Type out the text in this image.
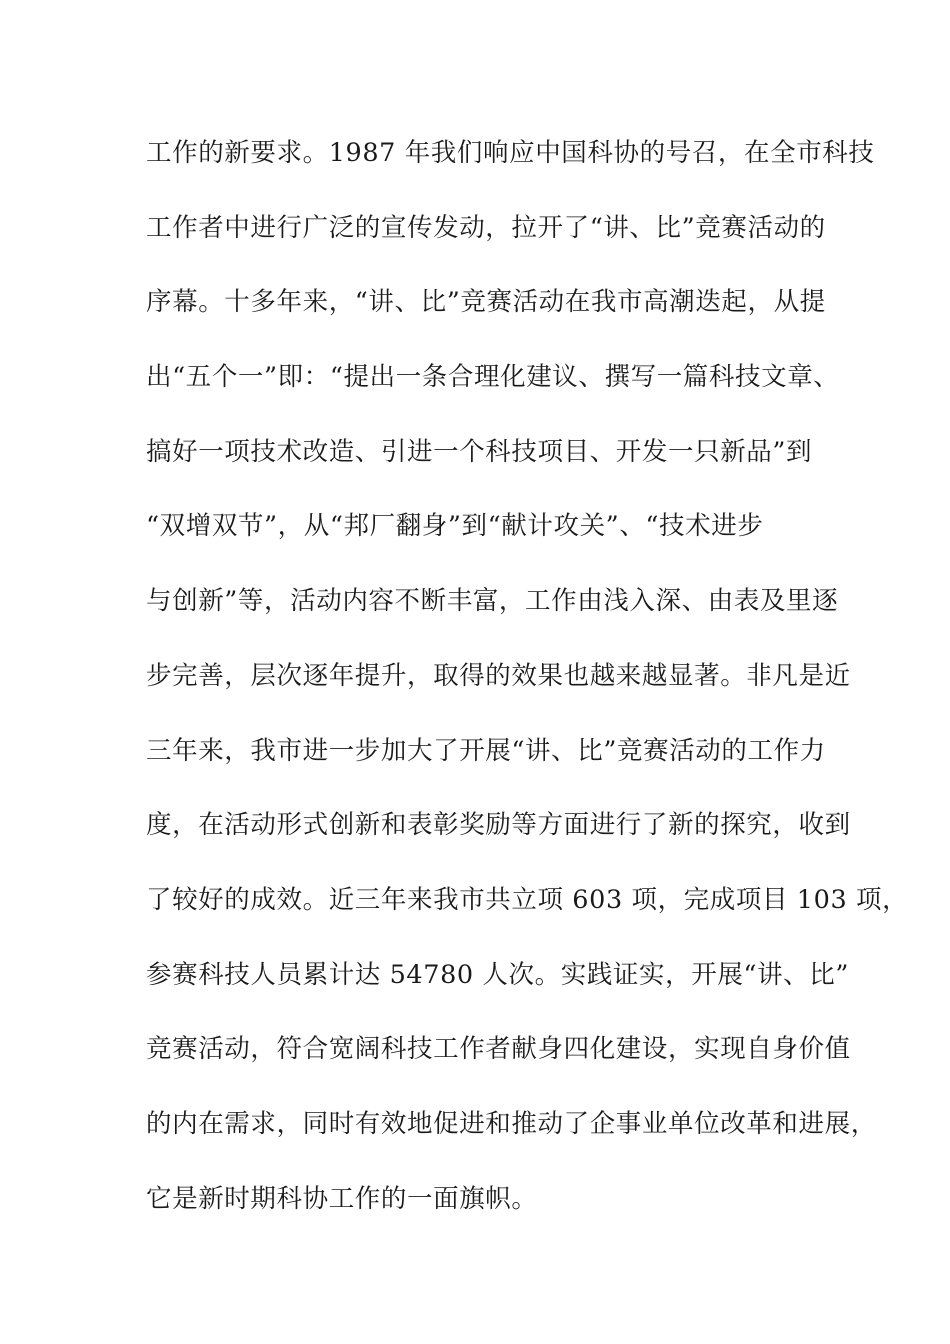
工作的新要求。1987 年我们响应中国科协的号召，在全市科技
工作者中进行广泛的宣传发动，拉开了“讲、比”竞赛活动的
序幕。十多年来，“讲、比”竞赛活动在我市高潮迭起，从提
出“五个一”即：“提出一条合理化建议、撰写一篇科技文章、
搞好一项技术改造、引进一个科技项目、开发一只新品”到
“双增双节”，从“邦厂翻身”到“献计攻关”、“技术进步
与创新”等，活动内容不断丰富，工作由浅入深、由表及里逐
步完善，层次逐年提升，取得的效果也越来越显著。非凡是近
三年来，我市进一步加大了开展“讲、比”竞赛活动的工作力
度，在活动形式创新和表彰奖励等方面进行了新的探究，收到
了较好的成效。近三年来我市共立项 603 项，完成项目 103 项，
参赛科技人员累计达 54780 人次。实践证实，开展“讲、比”
竞赛活动，符合宽阔科技工作者献身四化建设，实现自身价值
的内在需求，同时有效地促进和推动了企事业单位改革和进展，
它是新时期科协工作的一面旗帜。
